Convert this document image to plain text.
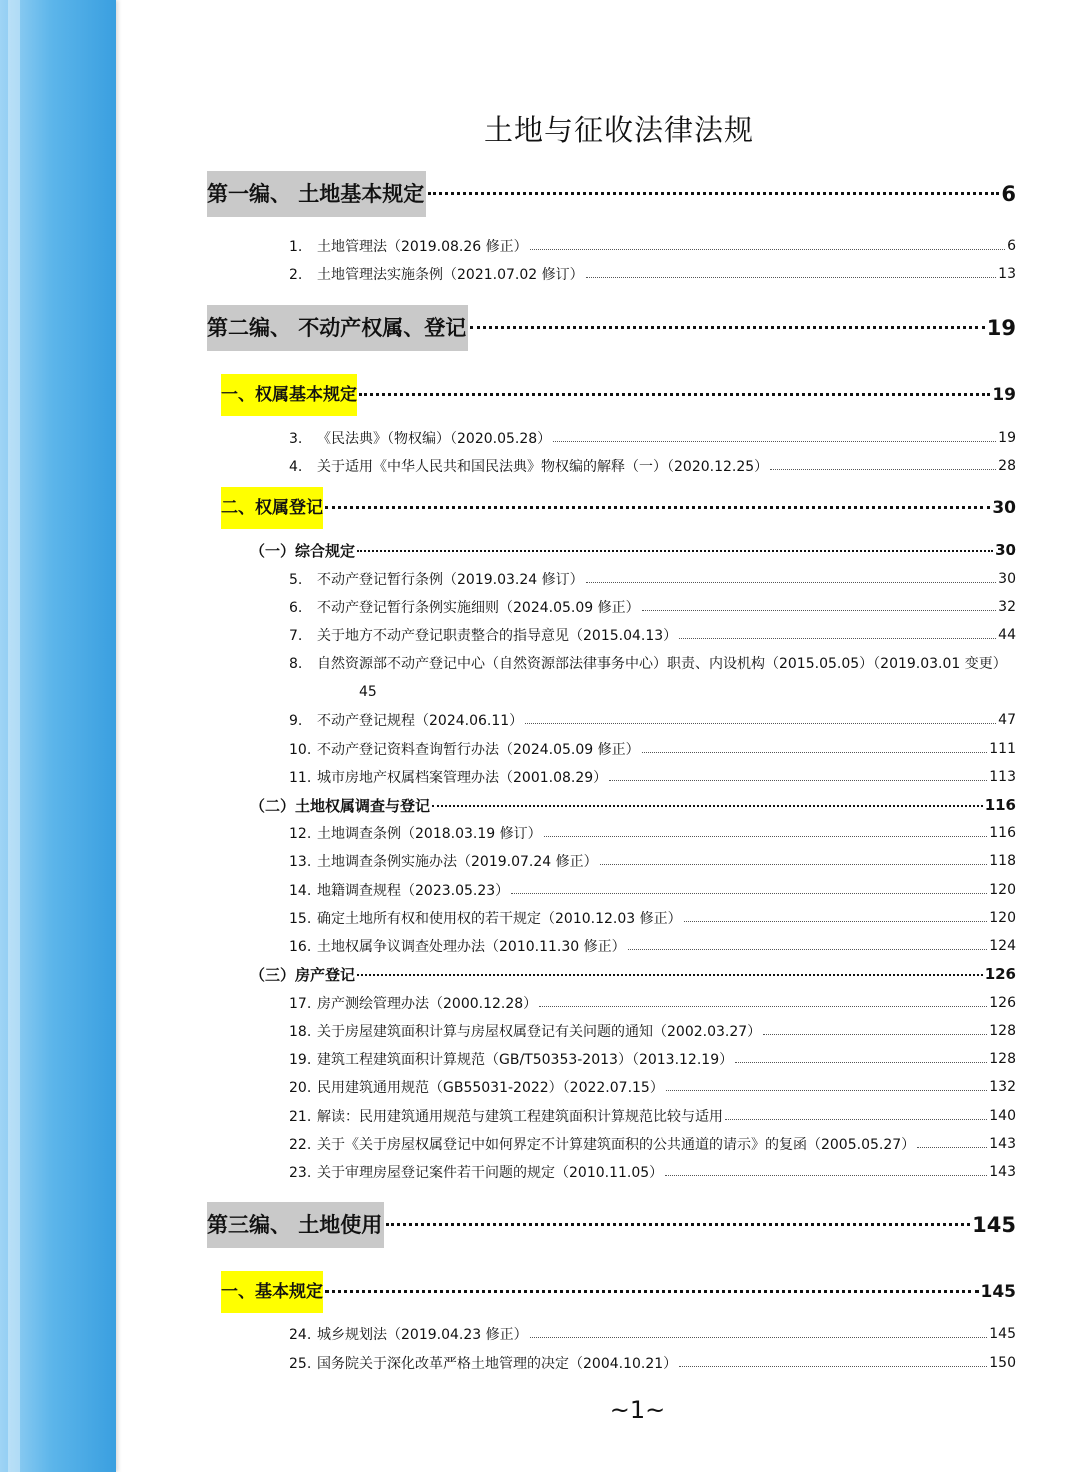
土地与征收法律法规
第一编、 土地基本规定	6
1. 土地管理法（2019.08.26 修正）	6
2. 土地管理法实施条例（2021.07.02 修订）	13
第二编、 不动产权属、登记	19
一、权属基本规定	19
3. 《民法典》（物权编）（2020.05.28）	19
4. 关于适用《中华人民共和国民法典》物权编的解释（一）（2020.12.25）	28
二、权属登记	30
（一）综合规定	30
5. 不动产登记暂行条例（2019.03.24 修订）	30
6. 不动产登记暂行条例实施细则（2024.05.09 修正）	32
7. 关于地方不动产登记职责整合的指导意见（2015.04.13）	44
8. 自然资源部不动产登记中心（自然资源部法律事务中心）职责、内设机构（2015.05.05）（2019.03.01 变更）
45
9. 不动产登记规程（2024.06.11）	47
10. 不动产登记资料查询暂行办法（2024.05.09 修正）	111
11. 城市房地产权属档案管理办法（2001.08.29）	113
（二）土地权属调查与登记	116
12. 土地调查条例（2018.03.19 修订）	116
13. 土地调查条例实施办法（2019.07.24 修正）	118
14. 地籍调查规程（2023.05.23）	120
15. 确定土地所有权和使用权的若干规定（2010.12.03 修正）	120
16. 土地权属争议调查处理办法（2010.11.30 修正）	124
（三）房产登记	126
17. 房产测绘管理办法（2000.12.28）	126
18. 关于房屋建筑面积计算与房屋权属登记有关问题的通知（2002.03.27）	128
19. 建筑工程建筑面积计算规范（GB/T50353-2013）（2013.12.19）	128
20. 民用建筑通用规范（GB55031-2022）（2022.07.15）	132
21. 解读：民用建筑通用规范与建筑工程建筑面积计算规范比较与适用	140
22. 关于《关于房屋权属登记中如何界定不计算建筑面积的公共通道的请示》的复函（2005.05.27）	143
23. 关于审理房屋登记案件若干问题的规定（2010.11.05）	143
第三编、 土地使用	145
一、基本规定	145
24. 城乡规划法（2019.04.23 修正）	145
25. 国务院关于深化改革严格土地管理的决定（2004.10.21）	150
~1~
